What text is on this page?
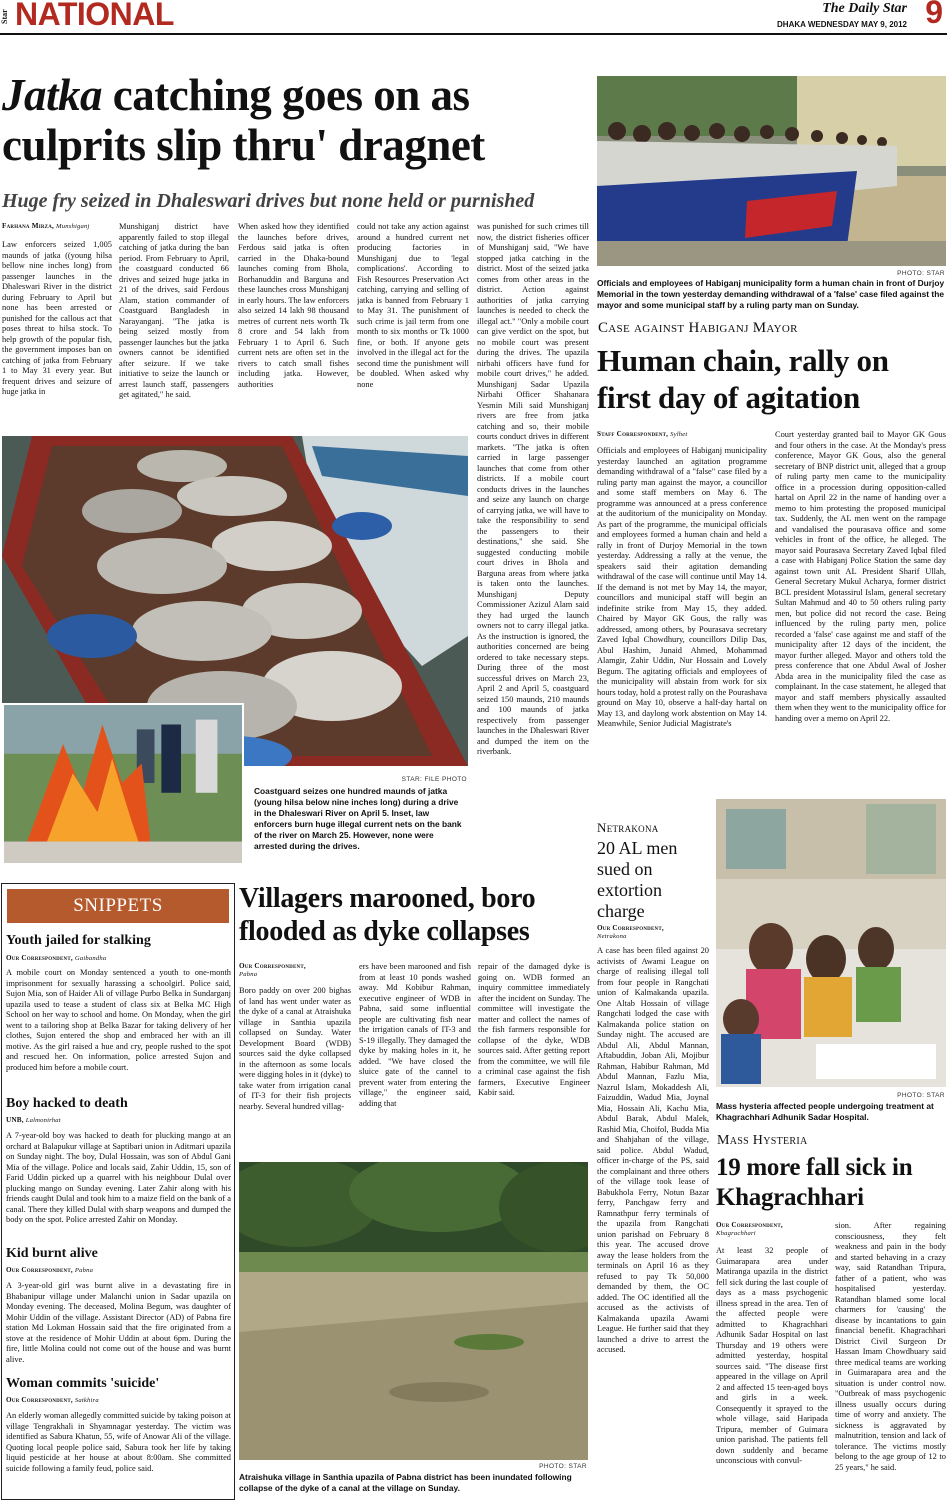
Star NATIONAL	The Daily Star
DHAKA WEDNESDAY MAY 9, 2012 9
Jatka catching goes on as
culprits slip thru' dragnet
Huge fry seized in Dhaleswari drives but none held or purnished
Farhana Mirza, Munshiganj
Law enforcers seized 1,005 maunds of jatka ((young hilsa bellow nine inches long) from passenger launches in the Dhaleswari River in the district during February to April but none has been arrested or punished for the callous act that poses threat to hilsa stock. To help growth of the popular fish, the government imposes ban on catching of jatka from February 1 to May 31 every year. But frequent drives and seizure of huge jatka in
Munshiganj district have apparently failed to stop illegal catching of jatka during the ban period. From February to April, the coastguard conducted 66 drives and seized huge jatka in 21 of the drives, said Ferdous Alam, station commander of Coastguard Bangladesh in Narayanganj. "The jatka is being seized mostly from passenger launches but the jatka owners cannot be identified after seizure. If we take initiative to seize the launch or arrest launch staff, passengers get agitated," he said.
When asked how they identified the launches before drives, Ferdous said jatka is often carried in the Dhaka-bound launches coming from Bhola, Borhanuddin and Barguna and these launches cross Munshiganj in early hours. The law enforcers also seized 14 lakh 98 thousand metres of current nets worth Tk 8 crore and 54 lakh from February 1 to April 6. Such current nets are often set in the rivers to catch small fishes including jatka. However, authorities
could not take any action against around a hundred current net producing factories in Munshiganj due to 'legal complications'. According to Fish Resources Preservation Act catching, carrying and selling of jatka is banned from February 1 to May 31. The punishment of such crime is jail term from one month to six months or Tk 1000 fine, or both. If anyone gets involved in the illegal act for the second time the punishment will be doubled. When asked why none
was punished for such crimes till now, the district fisheries officer of Munshiganj said, "We have stopped jatka catching in the district. Most of the seized jatka comes from other areas in the district. Action against authorities of jatka carrying launches is needed to check the illegal act." "Only a mobile court can give verdict on the spot, but no mobile court was present during the drives. The upazila nirbahi officers have fund for mobile court drives," he added. Munshiganj Sadar Upazila Nirbahi Officer Shahanara Yesmin Mili said Munshiganj rivers are free from jatka catching and so, their mobile courts conduct drives in different markets. "The jatka is often carried in large passenger launches that come from other districts. If a mobile court conducts drives in the launches and seize any launch on charge of carrying jatka, we will have to take the responsibility to send the passengers to their destinations," she said. She suggested conducting mobile court drives in Bhola and Barguna areas from where jatka is taken onto the launches. Munshiganj Deputy Commissioner Azizul Alam said they had urged the launch owners not to carry illegal jatka. As the instruction is ignored, the authorities concerned are being ordered to take necessary steps. During three of the most successful drives on March 23, April 2 and April 5, coastguard seized 150 maunds, 210 maunds and 100 maunds of jatka respectively from passenger launches in the Dhaleswari River and dumped the item on the riverbank.
STAR: FILE PHOTO
Coastguard seizes one hundred maunds of jatka (young hilsa below nine inches long) during a drive in the Dhaleswari River on April 5. Inset, law enforcers burn huge illegal current nets on the bank of the river on March 25. However, none were arrested during the drives.
PHOTO: STAR
Officials and employees of Habiganj municipality form a human chain in front of Durjoy Memorial in the town yesterday demanding withdrawal of a 'false' case filed against the mayor and some municipal staff by a ruling party man on Sunday.
Case against Habiganj Mayor
Human chain, rally on
first day of agitation
Staff Correspondent, Sylhet
Officials and employees of Habiganj municipality yesterday launched an agitation programme demanding withdrawal of a "false" case filed by a ruling party man against the mayor, a councillor and some staff members on May 6. The programme was announced at a press conference at the auditorium of the municipality on Monday. As part of the programme, the municipal officials and employees formed a human chain and held a rally in front of Durjoy Memorial in the town yesterday. Addressing a rally at the venue, the speakers said their agitation demanding withdrawal of the case will continue until May 14. If the demand is not met by May 14, the mayor, councillors and municipal staff will begin an indefinite strike from May 15, they added. Chaired by Mayor GK Gous, the rally was addressed, among others, by Pourasava secretary Zaved Iqbal Chowdhury, councillors Dilip Das, Abul Hashim, Junaid Ahmed, Mohammad Alamgir, Zahir Uddin, Nur Hossain and Lovely Begum. The agitating officials and employees of the municipality will abstain from work for six hours today, hold a protest rally on the Pourashava ground on May 10, observe a half-day hartal on May 13, and daylong work abstention on May 14. Meanwhile, Senior Judicial Magistrate's
Court yesterday granted bail to Mayor GK Gous and four others in the case. At the Monday's press conference, Mayor GK Gous, also the general secretary of BNP district unit, alleged that a group of ruling party men came to the municipality office in a procession during opposition-called hartal on April 22 in the name of handing over a memo to him protesting the proposed municipal tax. Suddenly, the AL men went on the rampage and vandalised the pourasava office and some vehicles in front of the office, he alleged. The mayor said Pourasava Secretary Zaved Iqbal filed a case with Habiganj Police Station the same day against town unit AL President Sharif Ullah, General Secretary Mukul Acharya, former district BCL president Motassirul Islam, general secretary Sultan Mahmud and 40 to 50 others ruling party men, but police did not record the case. Being influenced by the ruling party men, police recorded a 'false' case against me and staff of the municipality after 12 days of the incident, the mayor further alleged. Mayor and others told the press conference that one Abdul Awal of Josher Abda area in the municipality filed the case as complainant. In the case statement, he alleged that mayor and staff members physically assaulted them when they went to the municipality office for handing over a memo on April 22.
SNIPPETS
Youth jailed for stalking
Our Correspondent, Gaibandha
A mobile court on Monday sentenced a youth to one-month imprisonment for sexually harassing a schoolgirl. Police said, Sujon Mia, son of Haider Ali of village Purbo Belka in Sundarganj upazila used to tease a student of class six at Belka MC High School on her way to school and home. On Monday, when the girl went to a tailoring shop at Belka Bazar for taking delivery of her clothes, Sujon entered the shop and embraced her with an ill motive. As the girl raised a hue and cry, people rushed to the spot and rescued her. On information, police arrested Sujon and produced him before a mobile court.
Boy hacked to death
UNB, Lalmonirhat
A 7-year-old boy was hacked to death for plucking mango at an orchard at Balapukur village at Saptibari union in Aditmari upazila on Sunday night. The boy, Dulal Hossain, was son of Abdul Gani Mia of the village. Police and locals said, Zahir Uddin, 15, son of Farid Uddin picked up a quarrel with his neighbour Dulal over plucking mango on Sunday evening. Later Zahir along with his friends caught Dulal and took him to a maize field on the bank of a canal. There they killed Dulal with sharp weapons and dumped the body on the spot. Police arrested Zahir on Monday.
Kid burnt alive
Our Correspondent, Pabna
A 3-year-old girl was burnt alive in a devastating fire in Bhabanipur village under Malanchi union in Sadar upazila on Monday evening. The deceased, Molina Begum, was daughter of Mohir Uddin of the village. Assistant Director (AD) of Pabna fire station Md Lokman Hossain said that the fire originated from a stove at the residence of Mohir Uddin at about 6pm. During the fire, little Molina could not come out of the house and was burnt alive.
Woman commits 'suicide'
Our Correspondent, Satkhira
An elderly woman allegedly committed suicide by taking poison at village Tengrakhali in Shyamnagar yesterday. The victim was identified as Sabura Khatun, 55, wife of Anowar Ali of the village. Quoting local people police said, Sabura took her life by taking liquid pesticide at her house at about 8:00am. She committed suicide following a family feud, police said.
Villagers marooned, boro
flooded as dyke collapses
Our Correspondent,
Pabna
Boro paddy on over 200 bighas of land has went under water as the dyke of a canal at Atraishuka village in Santhia upazila collapsed on Sunday. Water Development Board (WDB) sources said the dyke collapsed in the afternoon as some locals were digging holes in it (dyke) to take water from irrigation canal of IT-3 for their fish projects nearby. Several hundred villag-
ers have been marooned and fish from at least 10 ponds washed away. Md Kobibur Rahman, executive engineer of WDB in Pabna, said some influential people are cultivating fish near the irrigation canals of IT-3 and S-19 illegally. They damaged the dyke by making holes in it, he added. "We have closed the sluice gate of the cannel to prevent water from entering the village," the engineer said, adding that
repair of the damaged dyke is going on. WDB formed an inquiry committee immediately after the incident on Sunday. The committee will investigate the matter and collect the names of the fish farmers responsible for collapse of the dyke, WDB sources said. After getting report from the committee, we will file a criminal case against the fish farmers, Executive Engineer Kabir said.
PHOTO: STAR
Atraishuka village in Santhia upazila of Pabna district has been inundated following collapse of the dyke of a canal at the village on Sunday.
Netrakona
20 AL men sued on extortion charge
Our Correspondent,
Netrakona
A case has been filed against 20 activists of Awami League on charge of realising illegal toll from four people in Rangchati union of Kalmakanda upazila. One Altab Hossain of village Rangchati lodged the case with Kalmakanda police station on Sunday night. The accused are Abdul Ali, Abdul Mannan, Aftabuddin, Joban Ali, Mojibur Rahman, Habibur Rahman, Md Abdul Mannan, Fazlu Mia, Nazrul Islam, Mokaddesh Ali, Faizuddin, Wadud Mia, Joynal Mia, Hossain Ali, Kachu Mia, Abdul Barak, Abdul Malek, Rashid Mia, Choifol, Budda Mia and Shahjahan of the village, said police. Abdul Wadud, officer in-charge of the PS, said the complainant and three others of the village took lease of Babukhola Ferry, Notun Bazar ferry, Panchgaw ferry and Ramnathpur ferry terminals of the upazila from Rangchati union parishad on February 8 this year. The accused drove away the lease holders from the terminals on April 16 as they refused to pay Tk 50,000 demanded by them, the OC added. The OC identified all the accused as the activists of Kalmakanda upazila Awami League. He further said that they launched a drive to arrest the accused.
PHOTO: STAR
Mass hysteria affected people undergoing treatment at Khagrachhari Adhunik Sadar Hospital.
Mass Hysteria
19 more fall sick in
Khagrachhari
Our Correspondent,
Khagrachhari
At least 32 people of Guimarapara area under Matiranga upazila in the district fell sick during the last couple of days as a mass psychogenic illness spread in the area. Ten of the affected people were admitted to Khagrachhari Adhunik Sadar Hospital on last Thursday and 19 others were admitted yesterday, hospital sources said. "The disease first appeared in the village on April 2 and affected 15 teen-aged boys and girls in a week. Consequently it sprayed to the whole village, said Haripada Tripura, member of Guimara union parishad. The patients fell down suddenly and became unconscious with convul-
sion. After regaining consciousness, they felt weakness and pain in the body and started behaving in a crazy way, said Ratandhan Tripura, father of a patient, who was hospitalised yesterday. Ratandhan blamed some local charmers for 'causing' the disease by incantations to gain financial benefit. Khagrachhari District Civil Surgeon Dr Hassan Imam Chowdhuary said three medical teams are working in Guimarapara area and the situation is under control now. "Outbreak of mass psychogenic illness usually occurs during time of worry and anxiety. The sickness is aggravated by malnutrition, tension and lack of tolerance. The victims mostly belong to the age group of 12 to 25 years," he said.
